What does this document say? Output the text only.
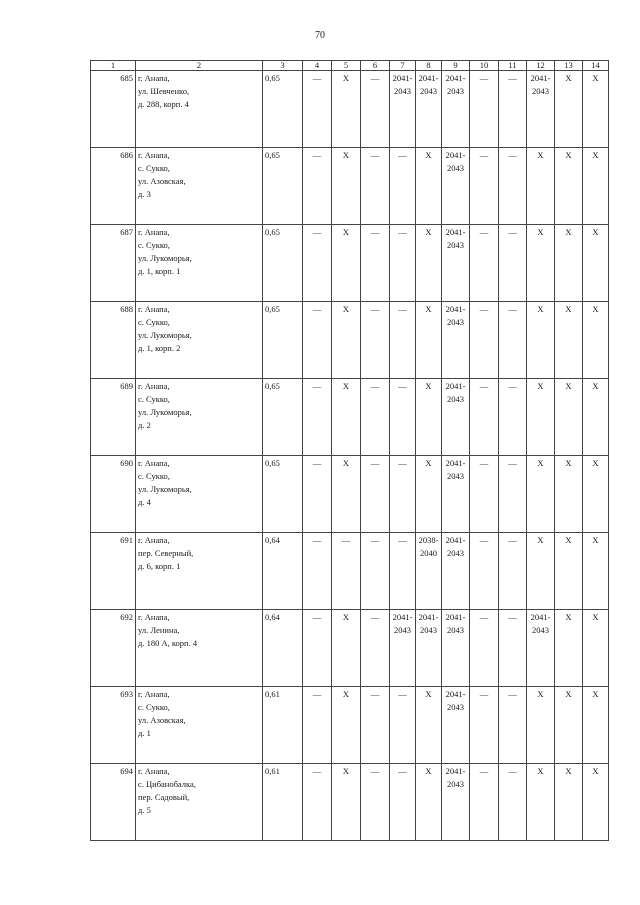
70
1	2	3	4	5	6	7	8	9	10	11	12	13	14
685	г. Анапа,
ул. Шевченко,
д. 288, корп. 4	0,65	—	Х	—	2041-2043	2041-2043	2041-2043	—	—	2041-2043	Х	Х
686	г. Анапа,
с. Сукко,
ул. Азовская,
д. 3	0,65	—	Х	—	—	Х	2041-2043	—	—	Х	Х	Х
687	г. Анапа,
с. Сукко,
ул. Лукоморья,
д. 1, корп. 1	0,65	—	Х	—	—	Х	2041-2043	—	—	Х	Х	Х
688	г. Анапа,
с. Сукко,
ул. Лукоморья,
д. 1, корп. 2	0,65	—	Х	—	—	Х	2041-2043	—	—	Х	Х	Х
689	г. Анапа,
с. Сукко,
ул. Лукоморья,
д. 2	0,65	—	Х	—	—	Х	2041-2043	—	—	Х	Х	Х
690	г. Анапа,
с. Сукко,
ул. Лукоморья,
д. 4	0,65	—	Х	—	—	Х	2041-2043	—	—	Х	Х	Х
691	г. Анапа,
пер. Северный,
д. 6, корп. 1	0,64	—	—	—	—	2038-2040	2041-2043	—	—	Х	Х	Х
692	г. Анапа,
ул. Ленина,
д. 180 А, корп. 4	0,64	—	Х	—	2041-2043	2041-2043	2041-2043	—	—	2041-2043	Х	Х
693	г. Анапа,
с. Сукко,
ул. Азовская,
д. 1	0,61	—	Х	—	—	Х	2041-2043	—	—	Х	Х	Х
694	г. Анапа,
с. Цибанобалка,
пер. Садовый,
д. 5	0,61	—	Х	—	—	Х	2041-2043	—	—	Х	Х	Х
